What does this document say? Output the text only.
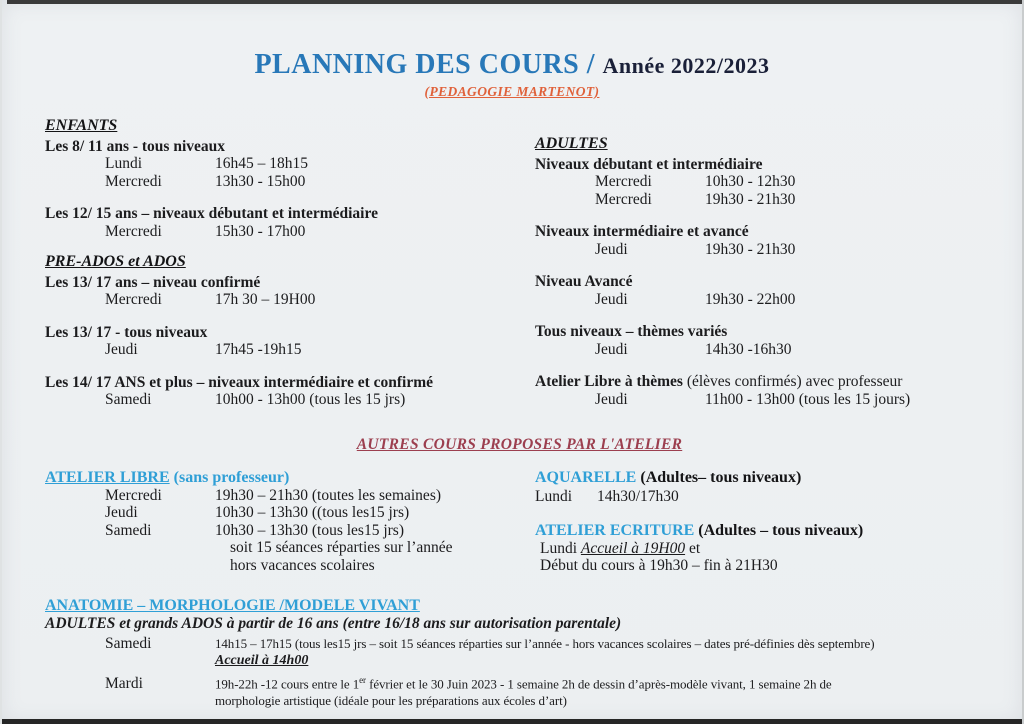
PLANNING DES COURS / Année 2022/2023
(PEDAGOGIE MARTENOT)
ENFANTS
Les 8/ 11 ans - tous niveaux
Lundi	16h45 – 18h15
Mercredi	13h30 - 15h00
Les 12/ 15 ans – niveaux débutant et intermédiaire
Mercredi	15h30 - 17h00
PRE-ADOS et ADOS
Les 13/ 17 ans – niveau confirmé
Mercredi	17h 30 – 19H00
Les 13/ 17 - tous niveaux
Jeudi	17h45 -19h15
Les 14/ 17 ANS et plus – niveaux intermédiaire et confirmé
Samedi	10h00 - 13h00 (tous les 15 jrs)
ADULTES
Niveaux débutant et intermédiaire
Mercredi	10h30 - 12h30
Mercredi	19h30 - 21h30
Niveaux intermédiaire et avancé
Jeudi	19h30 - 21h30
Niveau Avancé
Jeudi	19h30 - 22h00
Tous niveaux – thèmes variés
Jeudi	14h30 -16h30
Atelier Libre à thèmes (élèves confirmés) avec professeur
Jeudi	11h00 - 13h00 (tous les 15 jours)
AUTRES COURS PROPOSES PAR L'ATELIER
ATELIER LIBRE (sans professeur)
Mercredi	19h30 – 21h30 (toutes les semaines)
Jeudi	10h30 – 13h30 ((tous les15 jrs)
Samedi	10h30 – 13h30 (tous les15 jrs)
soit 15 séances réparties sur l’année
hors vacances scolaires
AQUARELLE (Adultes– tous niveaux)
Lundi	14h30/17h30
ATELIER ECRITURE (Adultes – tous niveaux)
Lundi Accueil à 19H00 et
Début du cours à 19h30 – fin à 21H30
ANATOMIE – MORPHOLOGIE /MODELE VIVANT
ADULTES et grands ADOS à partir de 16 ans (entre 16/18 ans sur autorisation parentale)
Samedi	14h15 – 17h15 (tous les15 jrs – soit 15 séances réparties sur l’année - hors vacances scolaires – dates pré-définies dès septembre)
Accueil à 14h00
Mardi	19h-22h -12 cours entre le 1er février et le 30 Juin 2023 - 1 semaine 2h de dessin d’après-modèle vivant, 1 semaine 2h de
morphologie artistique (idéale pour les préparations aux écoles d’art)
